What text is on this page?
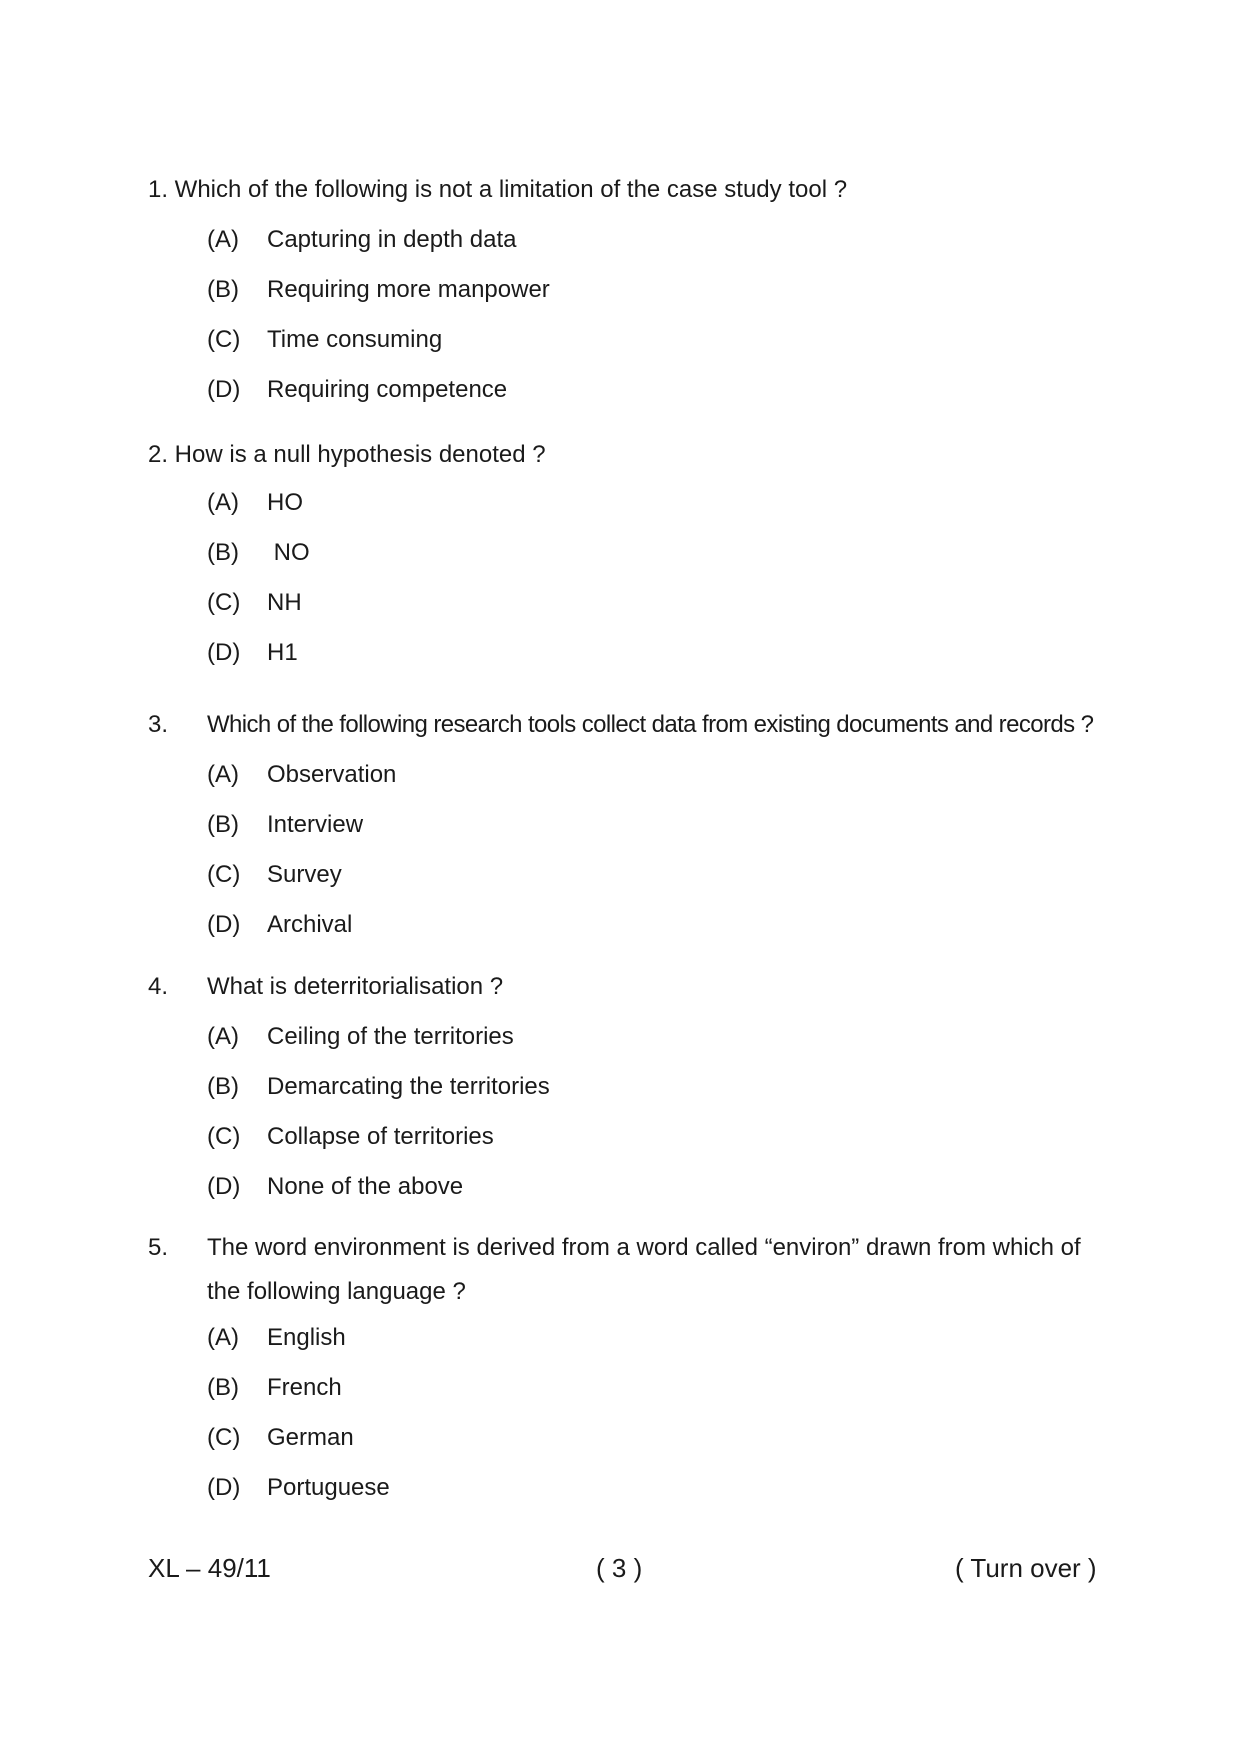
1. Which of the following is not a limitation of the case study tool ?
(A) Capturing in depth data
(B) Requiring more manpower
(C) Time consuming
(D) Requiring competence
2. How is a null hypothesis denoted ?
(A) HO
(B) NO
(C) NH
(D) H1
3. Which of the following research tools collect data from existing documents and records ?
(A) Observation
(B) Interview
(C) Survey
(D) Archival
4. What is deterritorialisation ?
(A) Ceiling of the territories
(B) Demarcating the territories
(C) Collapse of territories
(D) None of the above
5. The word environment is derived from a word called “environ” drawn from which of the following language ?
(A) English
(B) French
(C) German
(D) Portuguese
XL – 49/11	( 3 )	( Turn over )
